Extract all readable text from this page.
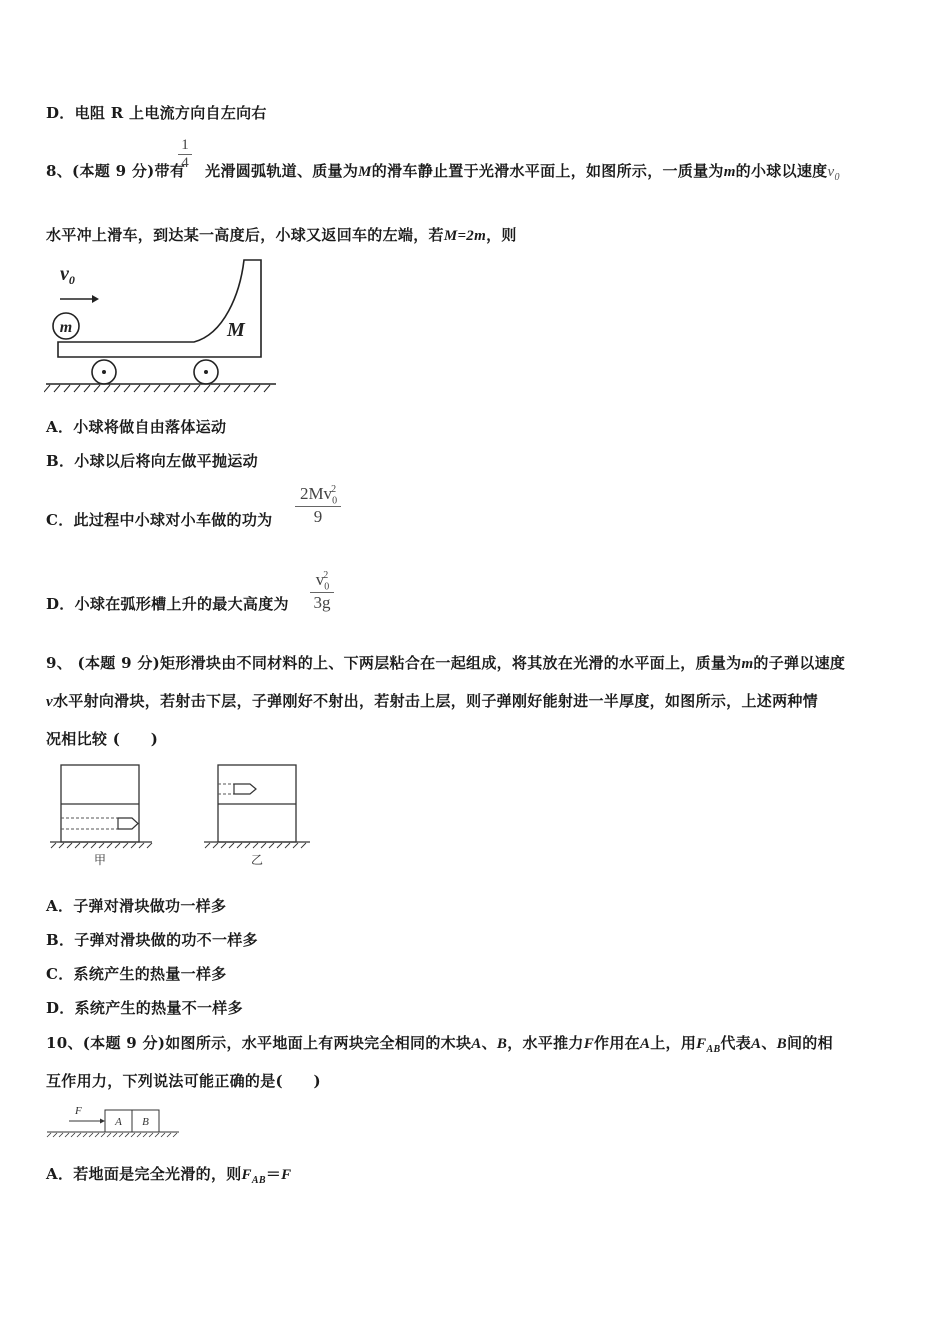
D．电阻 R 上电流方向自左向右
8、(本题 9 分)带有 光滑圆弧轨道、质量为M的滑车静止置于光滑水平面上，如图所示，一质量为m的小球以速度$v_0$
1
4
水平冲上滑车，到达某一高度后，小球又返回车的左端，若M=2m，则
$v_0$
m	M
A．小球将做自由落体运动
B．小球以后将向左做平抛运动
C．此过程中小球对小车做的功为
$2Mv_0^2$
9
D．小球在弧形槽上升的最大高度为
$v_0^2$
3g
9、 (本题 9 分)矩形滑块由不同材料的上、下两层粘合在一起组成，将其放在光滑的水平面上，质量为m的子弹以速度
v水平射向滑块，若射击下层，子弹刚好不射出，若射击上层，则子弹刚好能射进一半厚度，如图所示，上述两种情
况相比较 (　　)
甲	乙
A．子弹对滑块做功一样多
B．子弹对滑块做的功不一样多
C．系统产生的热量一样多
D．系统产生的热量不一样多
10、(本题 9 分)如图所示，水平地面上有两块完全相同的木块A、B，水平推力F作用在A上，用$F_{AB}$代表A、B间的相
互作用力，下列说法可能正确的是(　　)
F
A B
A．若地面是完全光滑的，则$F_{AB}=F$
